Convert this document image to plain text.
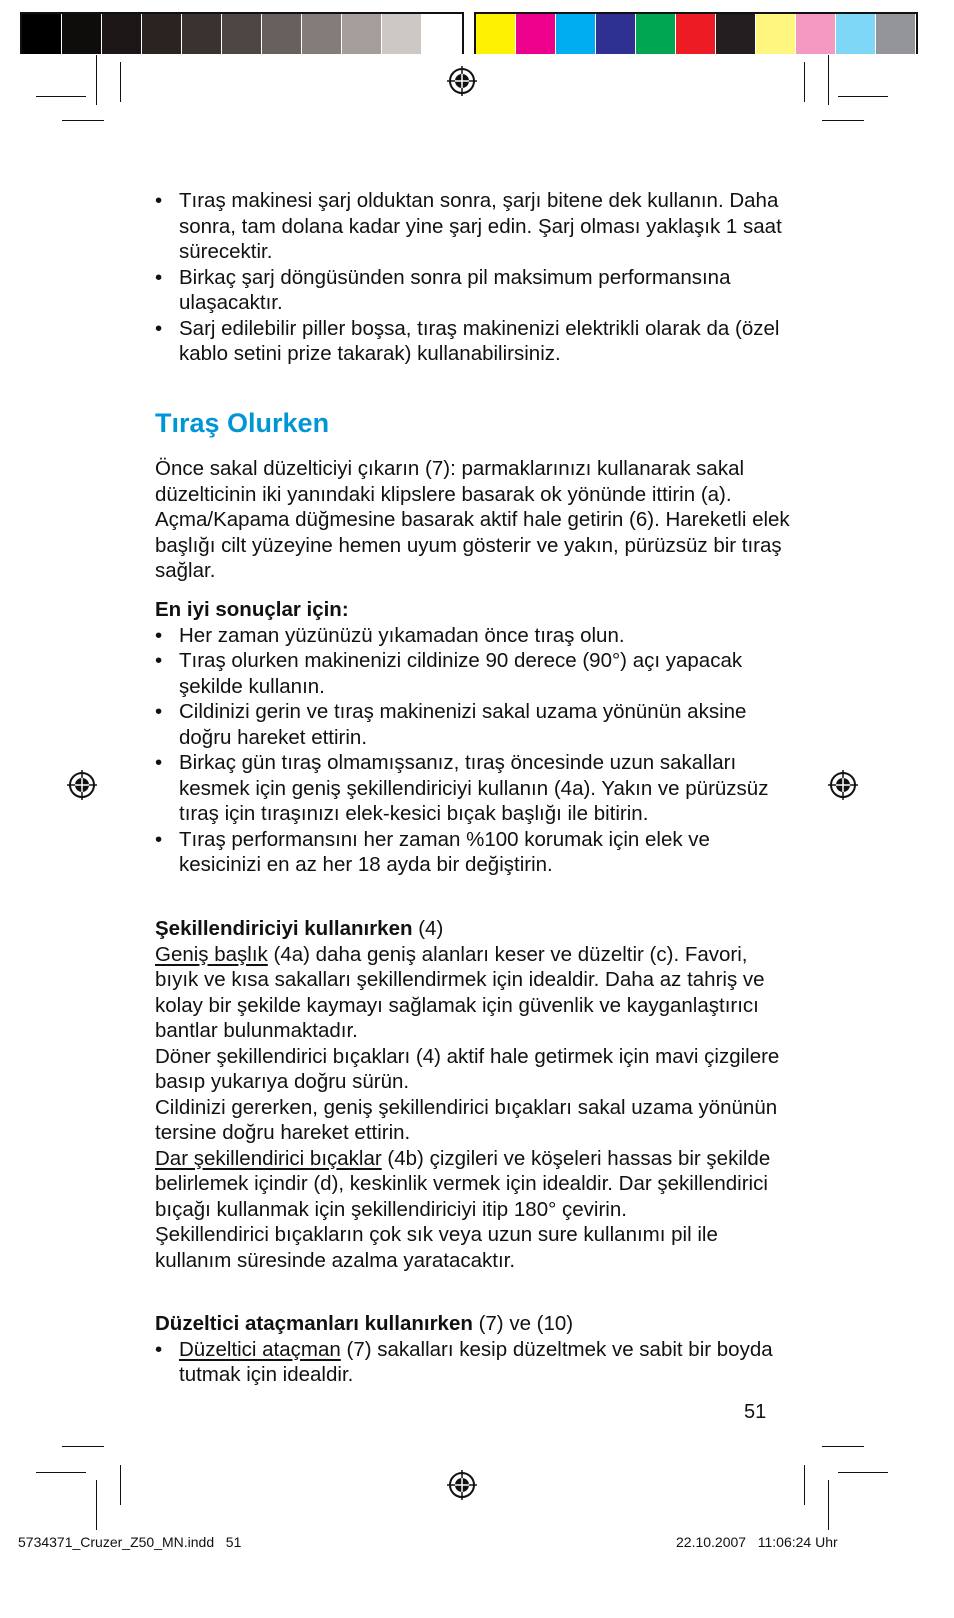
• Tıraş makinesi şarj olduktan sonra, şarjı bitene dek kullanın. Daha sonra, tam dolana kadar yine şarj edin. Şarj olması yaklaşık 1 saat sürecektir.

• Birkaç şarj döngüsünden sonra pil maksimum performansına ulaşacaktır.

• Sarj edilebilir piller boşsa, tıraş makinenizi elektrikli olarak da (özel kablo setini prize takarak) kullanabilirsiniz.

Tıraş Olurken

Önce sakal düzelticiyi çıkarın (7): parmaklarınızı kullanarak sakal düzelticinin iki yanındaki klipslere basarak ok yönünde ittirin (a). Açma/Kapama düğmesine basarak aktif hale getirin (6). Hareketli elek başlığı cilt yüzeyine hemen uyum gösterir ve yakın, pürüzsüz bir tıraş sağlar.

En iyi sonuçlar için:

• Her zaman yüzünüzü yıkamadan önce tıraş olun.

• Tıraş olurken makinenizi cildinize 90 derece (90°) açı yapacak şekilde kullanın.

• Cildinizi gerin ve tıraş makinenizi sakal uzama yönünün aksine doğru hareket ettirin.

• Birkaç gün tıraş olmamışsanız, tıraş öncesinde uzun sakalları kesmek için geniş şekillendiriciyi kullanın (4a). Yakın ve pürüzsüz tıraş için tıraşınızı elek-kesici bıçak başlığı ile bitirin.

• Tıraş performansını her zaman %100 korumak için elek ve kesicinizi en az her 18 ayda bir değiştirin.

Şekillendiriciyi kullanırken (4)

Geniş başlık (4a) daha geniş alanları keser ve düzeltir (c). Favori, bıyık ve kısa sakalları şekillendirmek için idealdir. Daha az tahriş ve kolay bir şekilde kaymayı sağlamak için güvenlik ve kayganlaştırıcı bantlar bulunmaktadır.

Döner şekillendirici bıçakları (4) aktif hale getirmek için mavi çizgilere basıp yukarıya doğru sürün.

Cildinizi gererken, geniş şekillendirici bıçakları sakal uzama yönünün tersine doğru hareket ettirin.

Dar şekillendirici bıçaklar (4b) çizgileri ve köşeleri hassas bir şekilde belirlemek içindir (d), keskinlik vermek için idealdir. Dar şekillendirici bıçağı kullanmak için şekillendiriciyi itip 180° çevirin.

Şekillendirici bıçakların çok sık veya uzun sure kullanımı pil ile kullanım süresinde azalma yaratacaktır.

Düzeltici ataçmanları kullanırken (7) ve (10)

• Düzeltici ataçman (7) sakalları kesip düzeltmek ve sabit bir boyda tutmak için idealdir.

51
5734371_Cruzer_Z50_MN.indd   51	22.10.2007   11:06:24 Uhr
